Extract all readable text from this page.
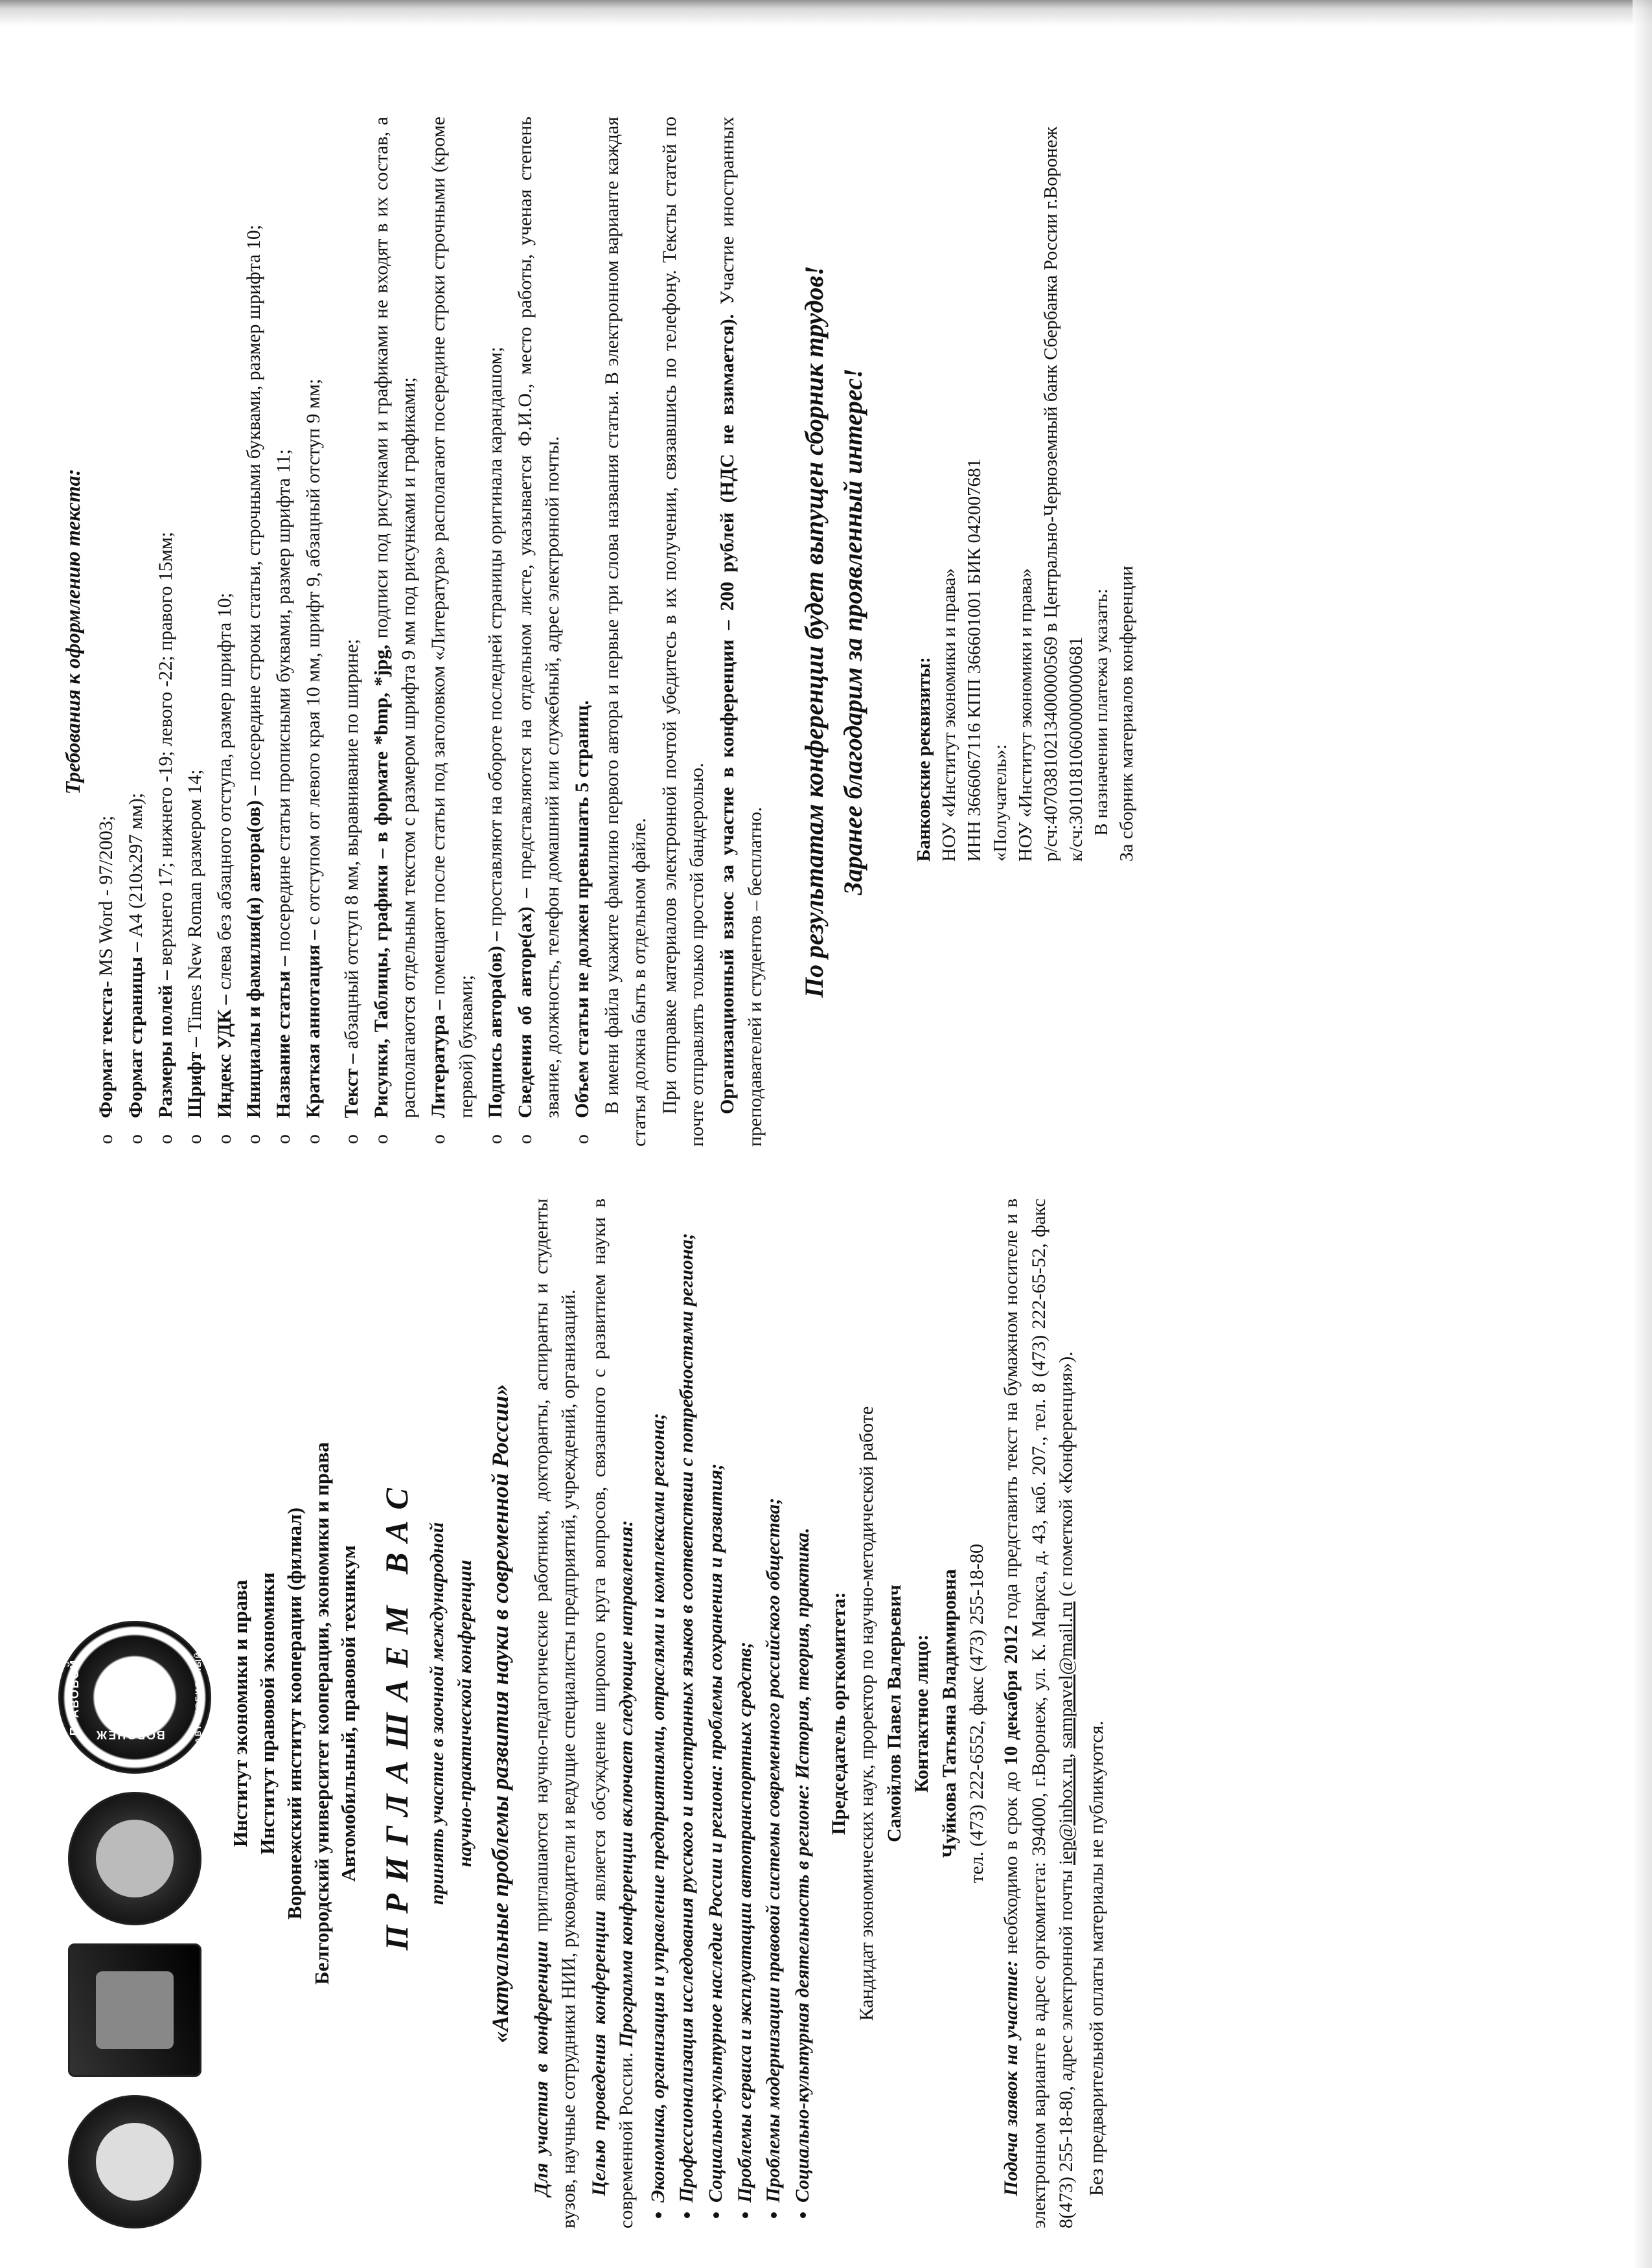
ПРАВОВОЙ ВОРОНЕЖ	АВТОМОБИЛЬНЫЙ Институт экономики и права Институт правовой экономики Воронежский институт кооперации (филиал) Белгородский университет кооперации, экономики и права Автомобильный, правовой техникум ПРИГЛАШАЕМ ВАС принять участие в заочной международной научно-практической конференции «Актуальные проблемы развития науки в современной России»

Для участия в конференции приглашаются научно-педагогические работники, докторанты, аспиранты и студенты вузов, научные сотрудники НИИ, руководители и ведущие специалисты предприятий, учреждений, организаций. Целью проведения конференции является обсуждение широкого круга вопросов, связанного с развитием науки в современной России. Программа конференции включает следующие направления: • Экономика, организация и управление предприятиями, отраслями и комплексами региона; • Профессионализация исследования русского и иностранных языков в соответствии с потребностями региона; • Социально-культурное наследие России и региона: проблемы сохранения и развития; • Проблемы сервиса и эксплуатации автотранспортных средств; • Проблемы модернизации правовой системы современного российского общества; • Социально-культурная деятельность в регионе: История, теория, практика. Председатель оргкомитета: Кандидат экономических наук, проректор по научно-методической работе Самойлов Павел Валерьевич Контактное лицо: Чуйкова Татьяна Владимировна тел. (473) 222-6552, факс (473) 255-18-80

Подача заявок на участие: необходимо в срок до 10 декабря 2012 года представить текст на бумажном носителе и в электронном варианте в адрес оргкомитета: 394000, г.Воронеж, ул. К. Маркса, д. 43, каб. 207., тел. 8 (473) 222-65-52, факс 8(473) 255-18-80, адрес электронной почты iep@inbox.ru, sampavel@mail.ru (с пометкой «Конференция»).

Без предварительной оплаты материалы не публикуются.

Требования к оформлению текста:
o Формат текста- MS Word - 97/2003;
o Формат страницы – А4 (210х297 мм);
o Размеры полей – верхнего 17; нижнего -19; левого -22; правого 15мм;
o Шрифт – Times New Roman размером 14;
o Индекс УДК – слева без абзацного отступа, размер шрифта 10; o Инициалы и фамилия(и) автора(ов) – посередине строки статьи, строчными буквами, размер шрифта 10;
o Название статьи – посередине статьи прописными буквами, размер шрифта 11;
o Краткая аннотация – с отступом от левого края 10 мм, шрифт 9, абзацный отступ 9 мм;
o Текст – абзацный отступ 8 мм, выравнивание по ширине; o Рисунки, Таблицы, графики – в формате *bmp, *jpg, подписи под рисунками и графиками не входят в их состав, а располагаются отдельным текстом с размером шрифта 9 мм под рисунками и графиками; o Литература – помещают после статьи под заголовком «Литература» располагают посередине строки строчными (кроме первой) буквами; o Подпись автора(ов) – проставляют на обороте последней страницы оригинала карандашом;
o Сведения об авторе(ах) – представляются на отдельном листе, указывается Ф.И.О., место работы, ученая степень звание, должность, телефон домашний или служебный, адрес электронной почты. o Объем статьи не должен превышать 5 страниц. В имени файла укажите фамилию первого автора и первые три слова названия статьи. В электронном варианте каждая статья должна быть в отдельном файле. При отправке материалов электронной почтой убедитесь в их получении, связавшись по телефону. Тексты статей по почте отправлять только простой бандеролью. Организационный взнос за участие в конференции – 200 рублей (НДС не взимается). Участие иностранных преподавателей и студентов – бесплатно. По результатам конференции будет выпущен сборник трудов! Заранее благодарим за проявленный интерес! Банковские реквизиты: НОУ «Институт экономики и права» ИНН 3666067116 КПП 366601001 БИК 042007681 «Получатель»: НОУ «Институт экономики и права» р/сч:40703810213400000569 в Центрально-Черноземный банк Сбербанка России г.Воронеж к/сч:30101810600000000681 В назначении платежа указать: За сборник материалов конференции
